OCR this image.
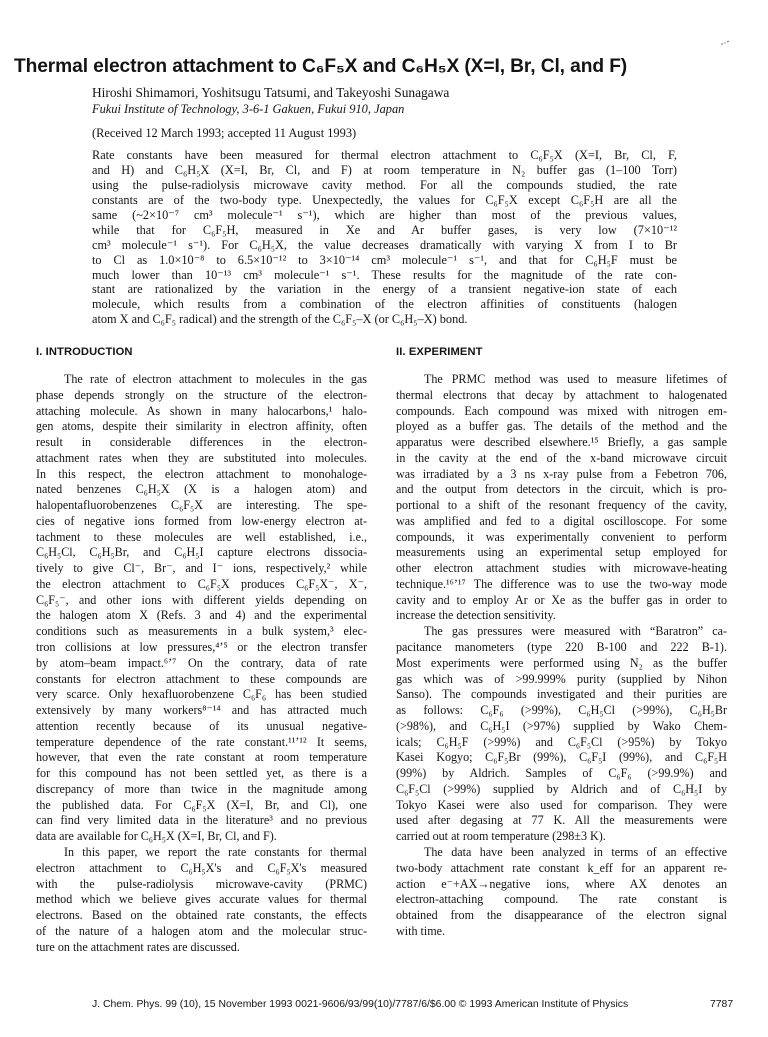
Thermal electron attachment to C₆F₅X and C₆H₅X (X=I, Br, Cl, and F)
Hiroshi Shimamori, Yoshitsugu Tatsumi, and Takeyoshi Sunagawa
Fukui Institute of Technology, 3-6-1 Gakuen, Fukui 910, Japan
(Received 12 March 1993; accepted 11 August 1993)
Rate constants have been measured for thermal electron attachment to C₆F₅X (X=I, Br, Cl, F,
and H) and C₆H₅X (X=I, Br, Cl, and F) at room temperature in N₂ buffer gas (1–100 Torr)
using the pulse-radiolysis microwave cavity method. For all the compounds studied, the rate
constants are of the two-body type. Unexpectedly, the values for C₆F₅X except C₆F₅H are all the
same (~2×10⁻⁷ cm³ molecule⁻¹ s⁻¹), which are higher than most of the previous values,
while that for C₆F₅H, measured in Xe and Ar buffer gases, is very low (7×10⁻¹²
cm³ molecule⁻¹ s⁻¹). For C₆H₅X, the value decreases dramatically with varying X from I to Br
to Cl as 1.0×10⁻⁸ to 6.5×10⁻¹² to 3×10⁻¹⁴ cm³ molecule⁻¹ s⁻¹, and that for C₆H₅F must be
much lower than 10⁻¹³ cm³ molecule⁻¹ s⁻¹. These results for the magnitude of the rate con-
stant are rationalized by the variation in the energy of a transient negative-ion state of each
molecule, which results from a combination of the electron affinities of constituents (halogen
atom X and C₆F₅ radical) and the strength of the C₆F₅–X (or C₆H₅–X) bond.
I. INTRODUCTION	II. EXPERIMENT
The rate of electron attachment to molecules in the gas
phase depends strongly on the structure of the electron-
attaching molecule. As shown in many halocarbons,¹ halo-
gen atoms, despite their similarity in electron affinity, often
result in considerable differences in the electron-
attachment rates when they are substituted into molecules.
In this respect, the electron attachment to monohaloge-
nated benzenes C₆H₅X (X is a halogen atom) and
halopentafluorobenzenes C₆F₅X are interesting. The spe-
cies of negative ions formed from low-energy electron at-
tachment to these molecules are well established, i.e.,
C₆H₅Cl, C₆H₅Br, and C₆H₅I capture electrons dissocia-
tively to give Cl⁻, Br⁻, and I⁻ ions, respectively,² while
the electron attachment to C₆F₅X produces C₆F₅X⁻, X⁻,
C₆F₅⁻, and other ions with different yields depending on
the halogen atom X (Refs. 3 and 4) and the experimental
conditions such as measurements in a bulk system,³ elec-
tron collisions at low pressures,⁴ʼ⁵ or the electron transfer
by atom–beam impact.⁶ʼ⁷ On the contrary, data of rate
constants for electron attachment to these compounds are
very scarce. Only hexafluorobenzene C₆F₆ has been studied
extensively by many workers⁸⁻¹⁴ and has attracted much
attention recently because of its unusual negative-
temperature dependence of the rate constant.¹¹ʼ¹² It seems,
however, that even the rate constant at room temperature
for this compound has not been settled yet, as there is a
discrepancy of more than twice in the magnitude among
the published data. For C₆F₅X (X=I, Br, and Cl), one
can find very limited data in the literature³ and no previous
data are available for C₆H₅X (X=I, Br, Cl, and F).
In this paper, we report the rate constants for thermal
electron attachment to C₆H₅X's and C₆F₅X's measured
with the pulse-radiolysis microwave-cavity (PRMC)
method which we believe gives accurate values for thermal
electrons. Based on the obtained rate constants, the effects
of the nature of a halogen atom and the molecular struc-
ture on the attachment rates are discussed.
The PRMC method was used to measure lifetimes of
thermal electrons that decay by attachment to halogenated
compounds. Each compound was mixed with nitrogen em-
ployed as a buffer gas. The details of the method and the
apparatus were described elsewhere.¹⁵ Briefly, a gas sample
in the cavity at the end of the x-band microwave circuit
was irradiated by a 3 ns x-ray pulse from a Febetron 706,
and the output from detectors in the circuit, which is pro-
portional to a shift of the resonant frequency of the cavity,
was amplified and fed to a digital oscilloscope. For some
compounds, it was experimentally convenient to perform
measurements using an experimental setup employed for
other electron attachment studies with microwave-heating
technique.¹⁶ʼ¹⁷ The difference was to use the two-way mode
cavity and to employ Ar or Xe as the buffer gas in order to
increase the detection sensitivity.
The gas pressures were measured with “Baratron” ca-
pacitance manometers (type 220 B-100 and 222 B-1).
Most experiments were performed using N₂ as the buffer
gas which was of >99.999% purity (supplied by Nihon
Sanso). The compounds investigated and their purities are
as follows: C₆F₆ (>99%), C₆H₅Cl (>99%), C₆H₅Br
(>98%), and C₆H₅I (>97%) supplied by Wako Chem-
icals; C₆H₅F (>99%) and C₆F₅Cl (>95%) by Tokyo
Kasei Kogyo; C₆F₅Br (99%), C₆F₅I (99%), and C₆F₅H
(99%) by Aldrich. Samples of C₆F₆ (>99.9%) and
C₆F₅Cl (>99%) supplied by Aldrich and of C₆H₅I by
Tokyo Kasei were also used for comparison. They were
used after degasing at 77 K. All the measurements were
carried out at room temperature (298±3 K).
The data have been analyzed in terms of an effective
two-body attachment rate constant k_eff for an apparent re-
action e⁻+AX→negative ions, where AX denotes an
electron-attaching compound. The rate constant is
obtained from the disappearance of the electron signal
with time.
J. Chem. Phys. 99 (10), 15 November 1993 0021-9606/93/99(10)/7787/6/$6.00 © 1993 American Institute of Physics	7787
